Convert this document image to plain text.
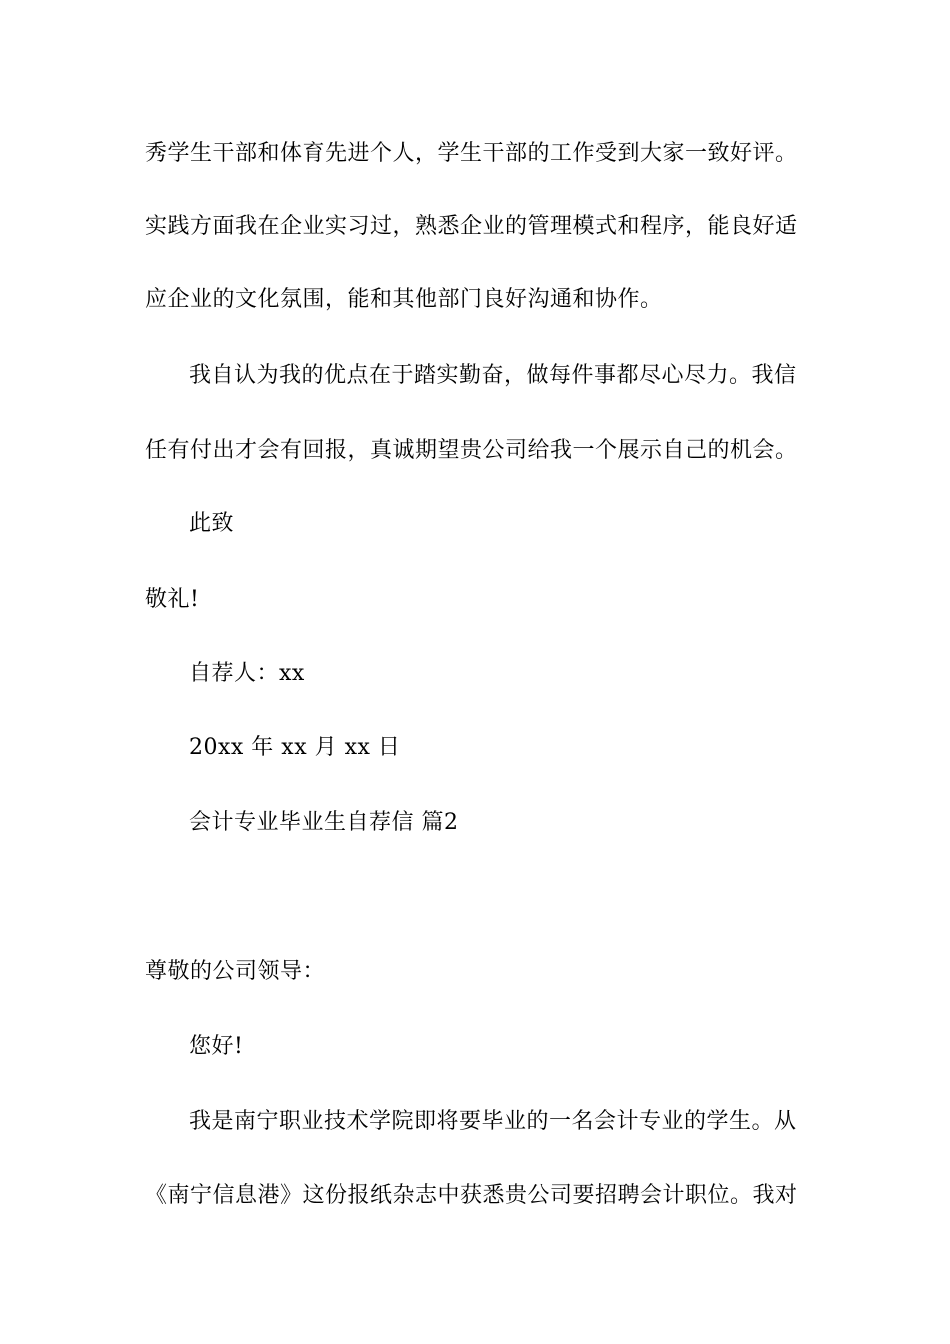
秀学生干部和体育先进个人，学生干部的工作受到大家一致好评。
实践方面我在企业实习过，熟悉企业的管理模式和程序，能良好适
应企业的文化氛围，能和其他部门良好沟通和协作。
我自认为我的优点在于踏实勤奋，做每件事都尽心尽力。我信
任有付出才会有回报，真诚期望贵公司给我一个展示自己的机会。
此致
敬礼!
自荐人：xx
20xx 年 xx 月 xx 日
会计专业毕业生自荐信 篇2
尊敬的公司领导：
您好!
我是南宁职业技术学院即将要毕业的一名会计专业的学生。从
《南宁信息港》这份报纸杂志中获悉贵公司要招聘会计职位。我对
